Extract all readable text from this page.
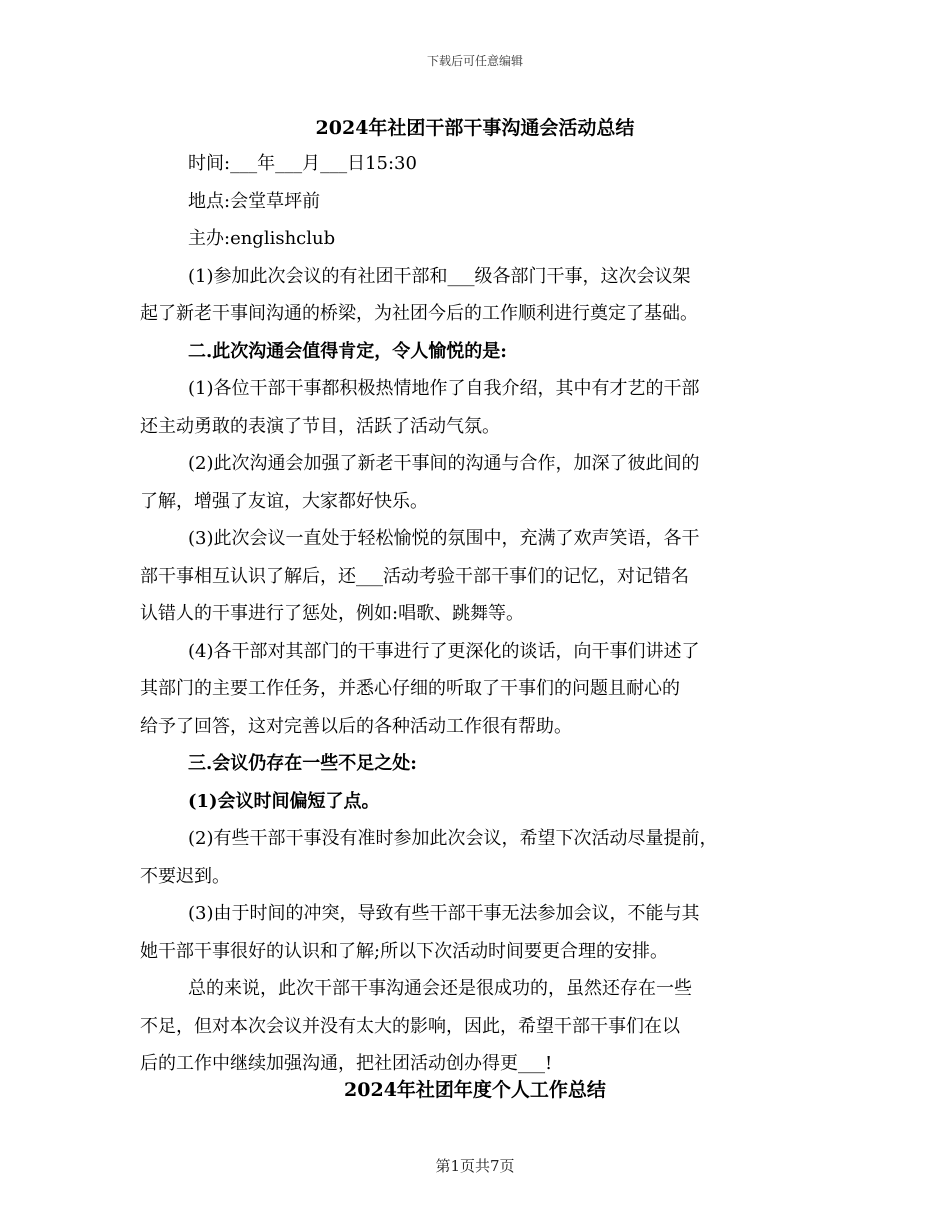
下载后可任意编辑
2024年社团干部干事沟通会活动总结
时间:___年___月___日15:30
地点:会堂草坪前
主办:englishclub
(1)参加此次会议的有社团干部和___级各部门干事，这次会议架
起了新老干事间沟通的桥梁，为社团今后的工作顺利进行奠定了基础。
二.此次沟通会值得肯定，令人愉悦的是:
(1)各位干部干事都积极热情地作了自我介绍，其中有才艺的干部
还主动勇敢的表演了节目，活跃了活动气氛。
(2)此次沟通会加强了新老干事间的沟通与合作，加深了彼此间的
了解，增强了友谊，大家都好快乐。
(3)此次会议一直处于轻松愉悦的氛围中，充满了欢声笑语，各干
部干事相互认识了解后，还___活动考验干部干事们的记忆，对记错名
认错人的干事进行了惩处，例如:唱歌、跳舞等。
(4)各干部对其部门的干事进行了更深化的谈话，向干事们讲述了
其部门的主要工作任务，并悉心仔细的听取了干事们的问题且耐心的
给予了回答，这对完善以后的各种活动工作很有帮助。
三.会议仍存在一些不足之处:
(1)会议时间偏短了点。
(2)有些干部干事没有准时参加此次会议，希望下次活动尽量提前，
不要迟到。
(3)由于时间的冲突，导致有些干部干事无法参加会议，不能与其
她干部干事很好的认识和了解;所以下次活动时间要更合理的安排。
总的来说，此次干部干事沟通会还是很成功的，虽然还存在一些
不足，但对本次会议并没有太大的影响，因此，希望干部干事们在以
后的工作中继续加强沟通，把社团活动创办得更___!
2024年社团年度个人工作总结
第1页共7页
